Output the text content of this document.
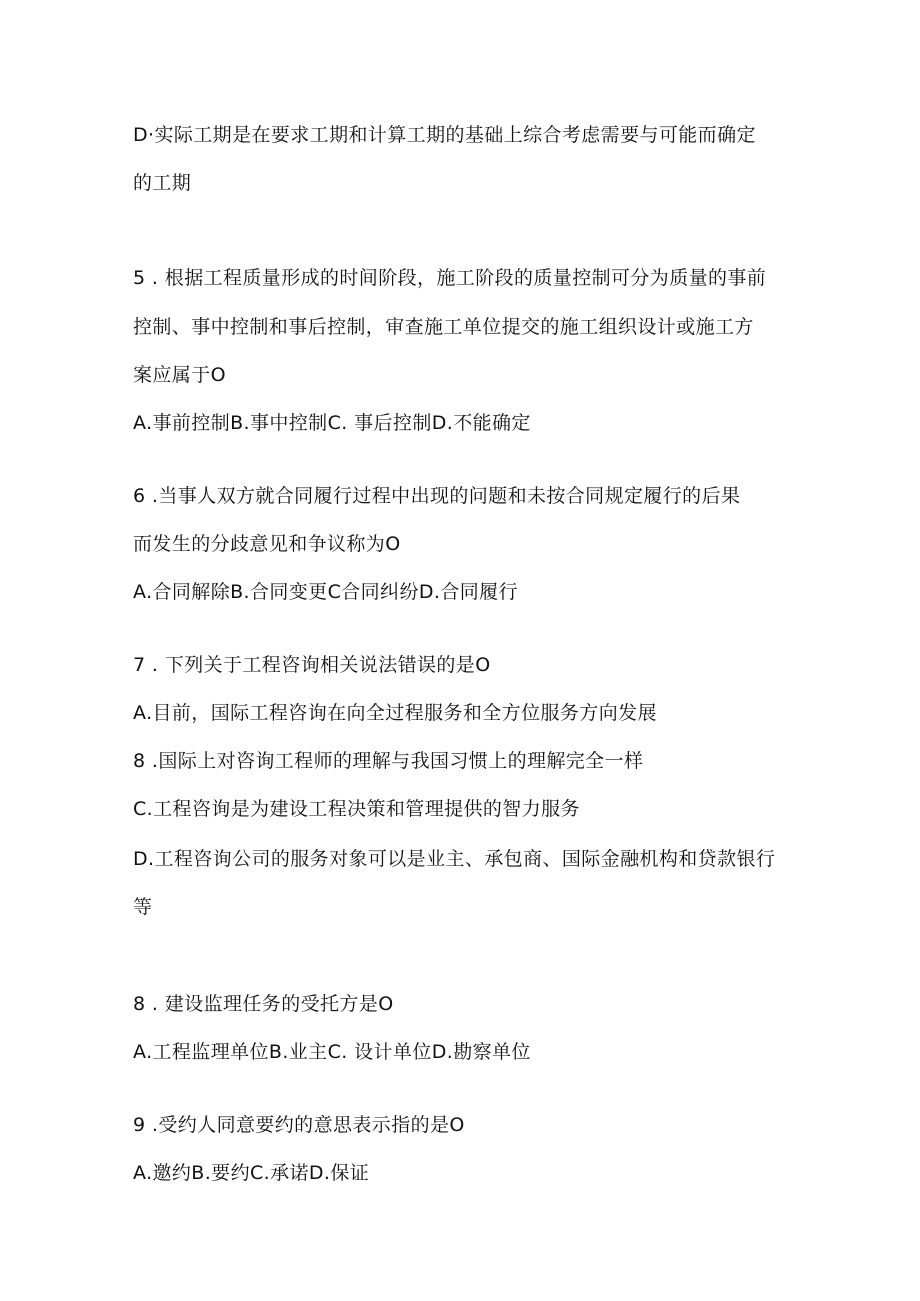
D·实际工期是在要求工期和计算工期的基础上综合考虑需要与可能而确定
的工期
5 . 根据工程质量形成的时间阶段，施工阶段的质量控制可分为质量的事前
控制、事中控制和事后控制，审查施工单位提交的施工组织设计或施工方
案应属于O
A.事前控制B.事中控制C. 事后控制D.不能确定
6 .当事人双方就合同履行过程中出现的问题和未按合同规定履行的后果
而发生的分歧意见和争议称为O
A.合同解除B.合同变更C合同纠纷D.合同履行
7 . 下列关于工程咨询相关说法错误的是O
A.目前，国际工程咨询在向全过程服务和全方位服务方向发展
8 .国际上对咨询工程师的理解与我国习惯上的理解完全一样
C.工程咨询是为建设工程决策和管理提供的智力服务
D.工程咨询公司的服务对象可以是业主、承包商、国际金融机构和贷款银行
等
8 . 建设监理任务的受托方是O
A.工程监理单位B.业主C. 设计单位D.勘察单位
9 .受约人同意要约的意思表示指的是O
A.邀约B.要约C.承诺D.保证
